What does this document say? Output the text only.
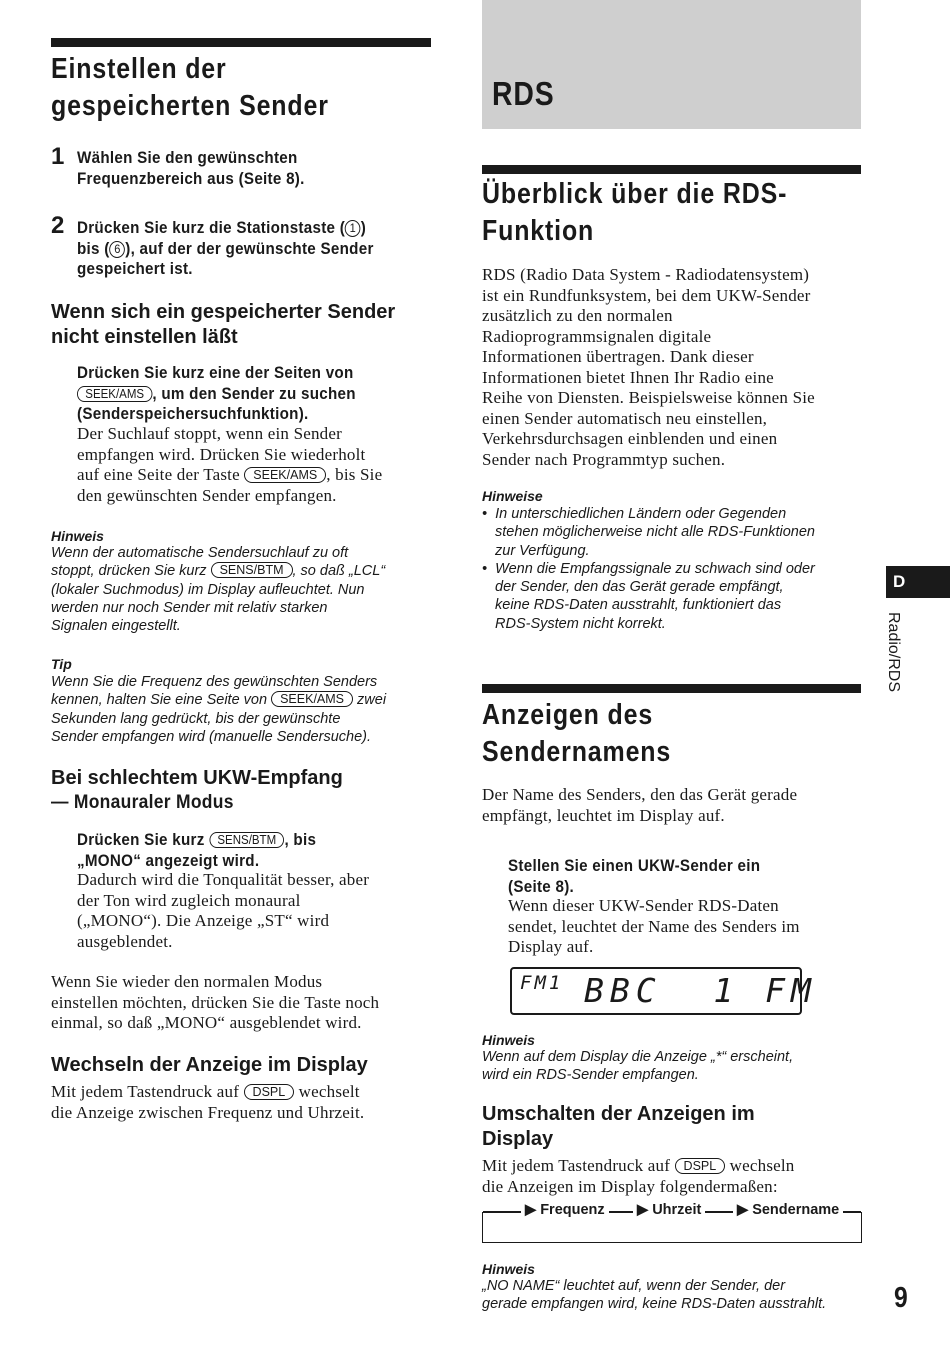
Einstellen der
gespeicherten Sender
1 Wählen Sie den gewünschten
Frequenzbereich aus (Seite 8).
2 Drücken Sie kurz die Stationstaste ( 1 )
bis ( 6 ), auf der der gewünschte Sender
gespeichert ist.
Wenn sich ein gespeicherter Sender
nicht einstellen läßt
Drücken Sie kurz eine der Seiten von
SEEK/AMS , um den Sender zu suchen
(Senderspeichersuchfunktion).
Der Suchlauf stoppt, wenn ein Sender
empfangen wird. Drücken Sie wiederholt
auf eine Seite der Taste SEEK/AMS , bis Sie
den gewünschten Sender empfangen.
Hinweis
Wenn der automatische Sendersuchlauf zu oft
stoppt, drücken Sie kurz SENS/BTM , so daß „LCL“
(lokaler Suchmodus) im Display aufleuchtet. Nun
werden nur noch Sender mit relativ starken
Signalen eingestellt.
Tip
Wenn Sie die Frequenz des gewünschten Senders
kennen, halten Sie eine Seite von SEEK/AMS zwei
Sekunden lang gedrückt, bis der gewünschte
Sender empfangen wird (manuelle Sendersuche).
Bei schlechtem UKW-Empfang
— Monauraler Modus
Drücken Sie kurz SENS/BTM , bis
„MONO“ angezeigt wird.
Dadurch wird die Tonqualität besser, aber
der Ton wird zugleich monaural
(„MONO“). Die Anzeige „ST“ wird
ausgeblendet.
Wenn Sie wieder den normalen Modus
einstellen möchten, drücken Sie die Taste noch
einmal, so daß „MONO“ ausgeblendet wird.
Wechseln der Anzeige im Display
Mit jedem Tastendruck auf DSPL wechselt
die Anzeige zwischen Frequenz und Uhrzeit.
RDS
Überblick über die RDS-
Funktion
RDS (Radio Data System - Radiodatensystem)
ist ein Rundfunksystem, bei dem UKW-Sender
zusätzlich zu den normalen
Radioprogrammsignalen digitale
Informationen übertragen. Dank dieser
Informationen bietet Ihnen Ihr Radio eine
Reihe von Diensten. Beispielsweise können Sie
einen Sender automatisch neu einstellen,
Verkehrsdurchsagen einblenden und einen
Sender nach Programmtyp suchen.
Hinweise
•  In unterschiedlichen Ländern oder Gegenden
stehen möglicherweise nicht alle RDS-Funktionen
zur Verfügung.
•  Wenn die Empfangssignale zu schwach sind oder
der Sender, den das Gerät gerade empfängt,
keine RDS-Daten ausstrahlt, funktioniert das
RDS-System nicht korrekt.
Anzeigen des
Sendernamens
Der Name des Senders, den das Gerät gerade
empfängt, leuchtet im Display auf.
Stellen Sie einen UKW-Sender ein
(Seite 8).
Wenn dieser UKW-Sender RDS-Daten
sendet, leuchtet der Name des Senders im
Display auf.
FM1 BBC  1 FM
Hinweis
Wenn auf dem Display die Anzeige „*“ erscheint,
wird ein RDS-Sender empfangen.
Umschalten der Anzeigen im
Display
Mit jedem Tastendruck auf DSPL wechseln
die Anzeigen im Display folgendermaßen:
▶ Frequenz ▶ Uhrzeit ▶ Sendername
Hinweis
„NO NAME“ leuchtet auf, wenn der Sender, der
gerade empfangen wird, keine RDS-Daten ausstrahlt.
D
Radio/RDS
9
